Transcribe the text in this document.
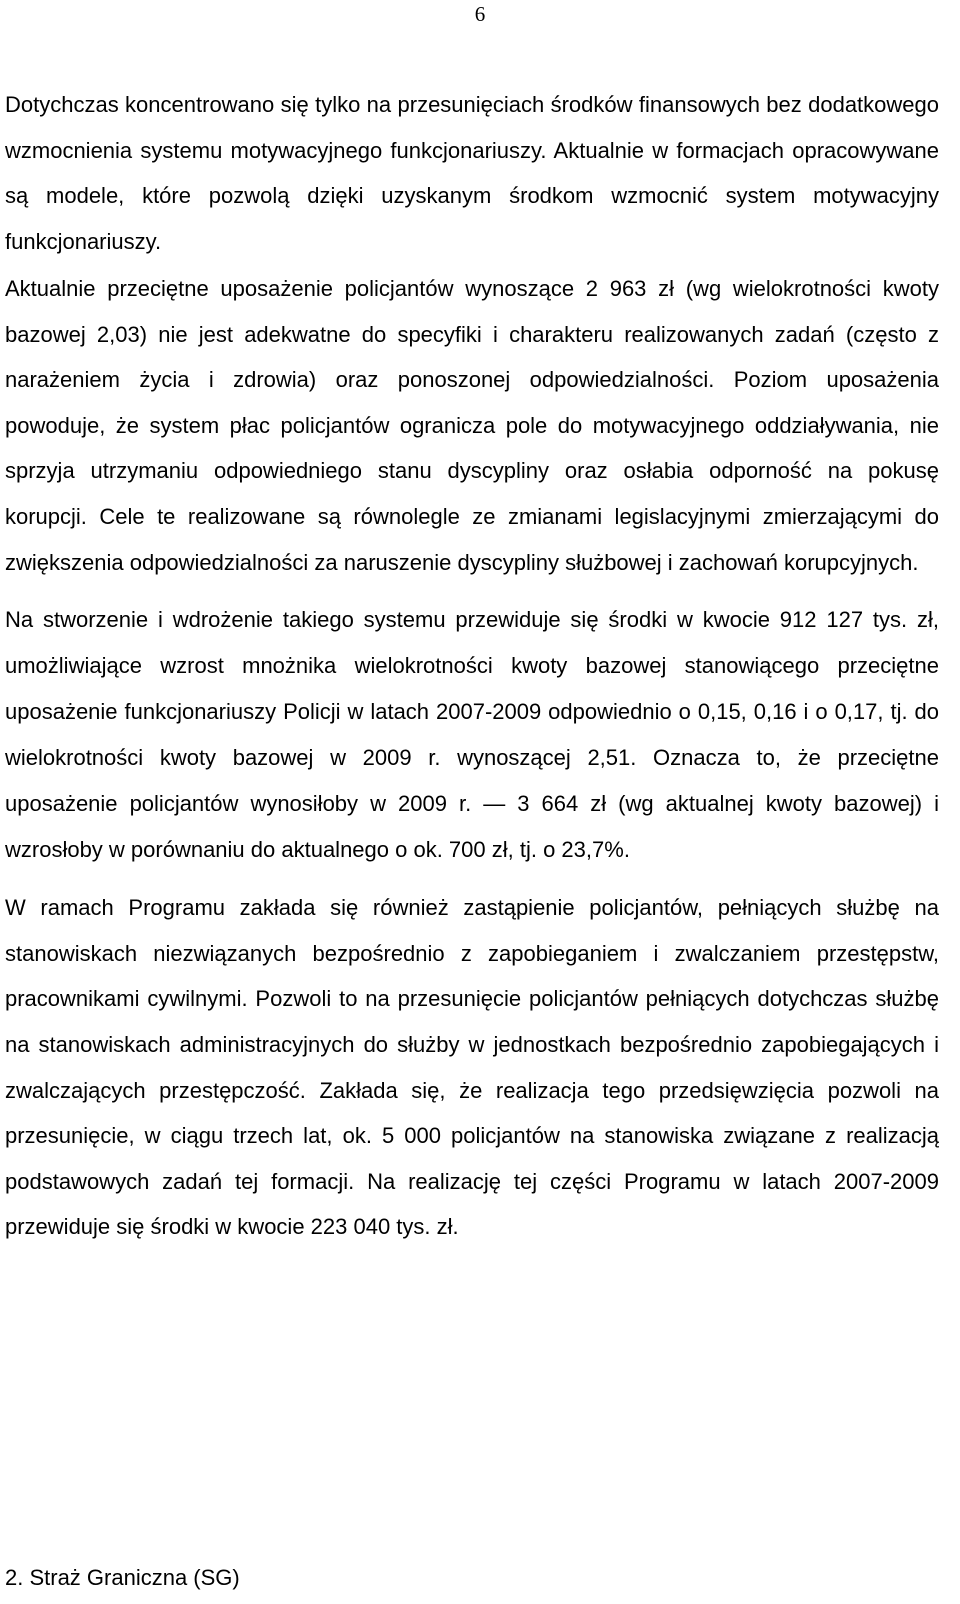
6

Dotychczas koncentrowano się tylko na przesunięciach środków finansowych bez dodatkowego wzmocnienia systemu motywacyjnego funkcjonariuszy. Aktualnie w formacjach opracowywane są modele, które pozwolą dzięki uzyskanym środkom wzmocnić system motywacyjny funkcjonariuszy.

Aktualnie przeciętne uposażenie policjantów wynoszące 2 963 zł (wg wielokrotności kwoty bazowej 2,03) nie jest adekwatne do specyfiki i charakteru realizowanych zadań (często z narażeniem życia i zdrowia) oraz ponoszonej odpowiedzialności. Poziom uposażenia powoduje, że system płac policjantów ogranicza pole do motywacyjnego oddziaływania, nie sprzyja utrzymaniu odpowiedniego stanu dyscypliny oraz osłabia odporność na pokusę korupcji. Cele te realizowane są równolegle ze zmianami legislacyjnymi zmierzającymi do zwiększenia odpowiedzialności za naruszenie dyscypliny służbowej i zachowań korupcyjnych.

Na stworzenie i wdrożenie takiego systemu przewiduje się środki w kwocie 912 127 tys. zł, umożliwiające wzrost mnożnika wielokrotności kwoty bazowej stanowiącego przeciętne uposażenie funkcjonariuszy Policji w latach 2007-2009 odpowiednio o 0,15, 0,16 i o 0,17, tj. do wielokrotności kwoty bazowej w 2009 r. wynoszącej 2,51. Oznacza to, że przeciętne uposażenie policjantów wynosiłoby w 2009 r. — 3 664 zł (wg aktualnej kwoty bazowej) i wzrosłoby w porównaniu do aktualnego o ok. 700 zł, tj. o 23,7%.

W ramach Programu zakłada się również zastąpienie policjantów, pełniących służbę na stanowiskach niezwiązanych bezpośrednio z zapobieganiem i zwalczaniem przestępstw, pracownikami cywilnymi. Pozwoli to na przesunięcie policjantów pełniących dotychczas służbę na stanowiskach administracyjnych do służby w jednostkach bezpośrednio zapobiegających i zwalczających przestępczość. Zakłada się, że realizacja tego przedsięwzięcia pozwoli na przesunięcie, w ciągu trzech lat, ok. 5 000 policjantów na stanowiska związane z realizacją podstawowych zadań tej formacji. Na realizację tej części Programu w latach 2007-2009 przewiduje się środki w kwocie 223 040 tys. zł.

2. Straż Graniczna (SG)
